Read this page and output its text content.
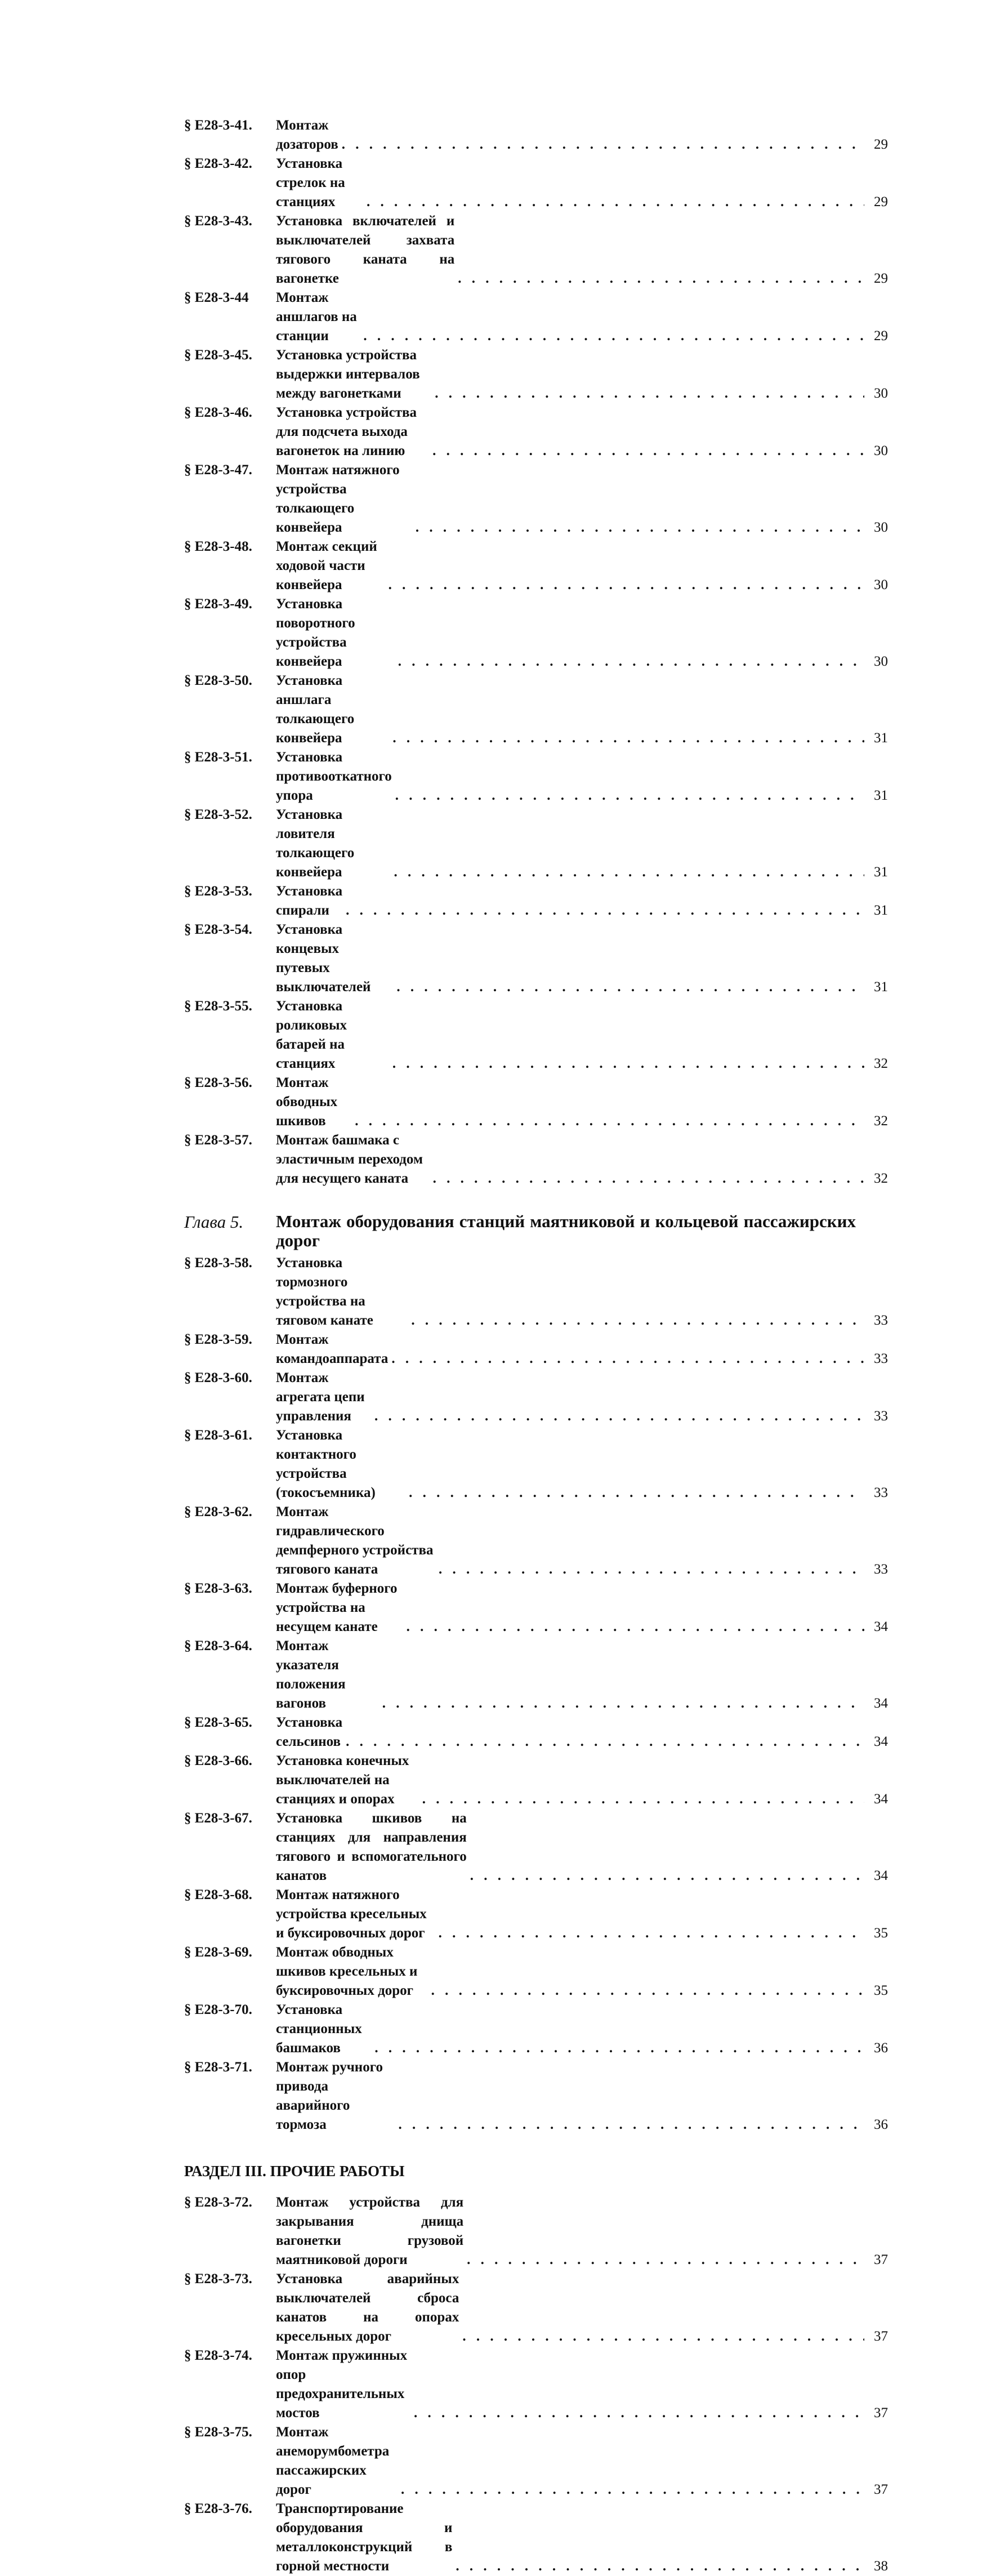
§ Е28-3-41.	Монтаж дозаторов . . .	29
§ Е28-3-42.	Установка стрелок на станциях . . .	29
§ Е28-3-43.	Установка включателей и выключателей захвата тягового каната на вагонетке . . .	29
§ Е28-3-44	Монтаж аншлагов на станции . . .	29
§ Е28-3-45.	Установка устройства выдержки интервалов между вагонетками . . .	30
§ Е28-3-46.	Установка устройства для подсчета выхода вагонеток на линию . . .	30
§ Е28-3-47.	Монтаж натяжного устройства толкающего конвейера . . .	30
§ Е28-3-48.	Монтаж секций ходовой части конвейера . . .	30
§ Е28-3-49.	Установка поворотного устройства конвейера . . .	30
§ Е28-3-50.	Установка аншлага толкающего конвейера . . .	31
§ Е28-3-51.	Установка противооткатного упора . . .	31
§ Е28-3-52.	Установка ловителя толкающего конвейера . . .	31
§ Е28-3-53.	Установка спирали . . .	31
§ Е28-3-54.	Установка концевых путевых выключателей . . .	31
§ Е28-3-55.	Установка роликовых батарей на станциях . . .	32
§ Е28-3-56.	Монтаж обводных шкивов . . .	32
§ Е28-3-57.	Монтаж башмака с эластичным переходом для несущего каната . . .	32
Глава 5.	Монтаж оборудования станций маятниковой и кольцевой пассажирских дорог
§ Е28-3-58.	Установка тормозного устройства на тяговом канате . . .	33
§ Е28-3-59.	Монтаж командоаппарата . . .	33
§ Е28-3-60.	Монтаж агрегата цепи управления . . .	33
§ Е28-3-61.	Установка контактного устройства (токосъемника) . . .	33
§ Е28-3-62.	Монтаж гидравлического демпферного устройства тягового каната . . .	33
§ Е28-3-63.	Монтаж буферного устройства на несущем канате . . .	34
§ Е28-3-64.	Монтаж указателя положения вагонов . . .	34
§ Е28-3-65.	Установка сельсинов . . .	34
§ Е28-3-66.	Установка конечных выключателей на станциях и опорах . . .	34
§ Е28-3-67.	Установка шкивов на станциях для направления тягового и вспомогательного канатов . . .	34
§ Е28-3-68.	Монтаж натяжного устройства кресельных и буксировочных дорог . . .	35
§ Е28-3-69.	Монтаж обводных шкивов кресельных и буксировочных дорог . . .	35
§ Е28-3-70.	Установка станционных башмаков . . .	36
§ Е28-3-71.	Монтаж ручного привода аварийного тормоза . . .	36
РАЗДЕЛ III. ПРОЧИЕ РАБОТЫ
§ Е28-3-72.	Монтаж устройства для закрывания днища вагонетки грузовой маятниковой дороги . . .	37
§ Е28-3-73.	Установка аварийных выключателей сброса канатов на опорах кресельных дорог . . .	37
§ Е28-3-74.	Монтаж пружинных опор предохранительных мостов . . .	37
§ Е28-3-75.	Монтаж анеморумбометра пассажирских дорог . . .	37
§ Е28-3-76.	Транспортирование оборудования и металлоконструкций в горной местности . . .	38
